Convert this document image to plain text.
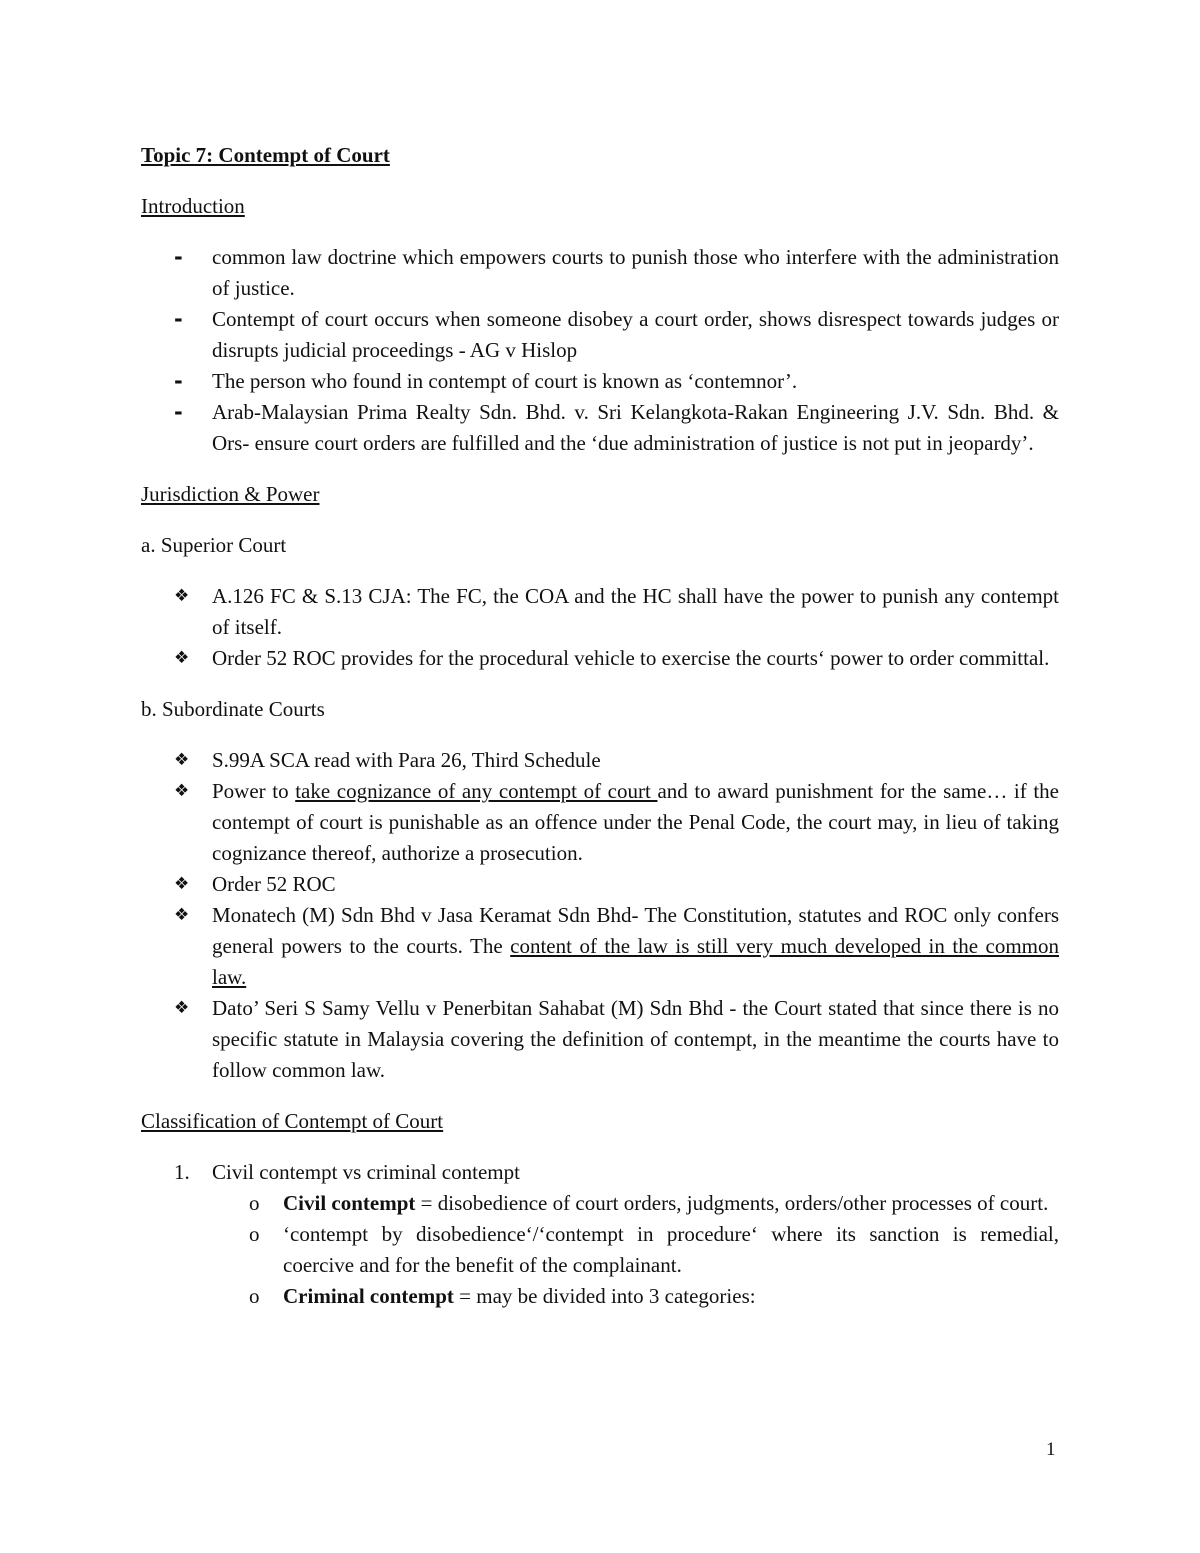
Topic 7: Contempt of Court
Introduction
- common law doctrine which empowers courts to punish those who interfere with the administration of justice.
- Contempt of court occurs when someone disobey a court order, shows disrespect towards judges or disrupts judicial proceedings - AG v Hislop
- The person who found in contempt of court is known as ‘contemnor’.
- Arab-Malaysian Prima Realty Sdn. Bhd. v. Sri Kelangkota-Rakan Engineering J.V. Sdn. Bhd. & Ors- ensure court orders are fulfilled and the ‘due administration of justice is not put in jeopardy’.
Jurisdiction & Power
a. Superior Court
❖ A.126 FC & S.13 CJA: The FC, the COA and the HC shall have the power to punish any contempt of itself.
❖ Order 52 ROC provides for the procedural vehicle to exercise the courts‘ power to order committal.
b. Subordinate Courts
❖ S.99A SCA read with Para 26, Third Schedule
❖ Power to take cognizance of any contempt of court and to award punishment for the same… if the contempt of court is punishable as an offence under the Penal Code, the court may, in lieu of taking cognizance thereof, authorize a prosecution.
❖ Order 52 ROC
❖ Monatech (M) Sdn Bhd v Jasa Keramat Sdn Bhd- The Constitution, statutes and ROC only confers general powers to the courts. The content of the law is still very much developed in the common law.
❖ Dato’ Seri S Samy Vellu v Penerbitan Sahabat (M) Sdn Bhd - the Court stated that since there is no specific statute in Malaysia covering the definition of contempt, in the meantime the courts have to follow common law.
Classification of Contempt of Court
1. Civil contempt vs criminal contempt
o Civil contempt = disobedience of court orders, judgments, orders/other processes of court.
o ‘contempt by disobedience‘/‘contempt in procedure‘ where its sanction is remedial, coercive and for the benefit of the complainant.
o Criminal contempt = may be divided into 3 categories:
1
